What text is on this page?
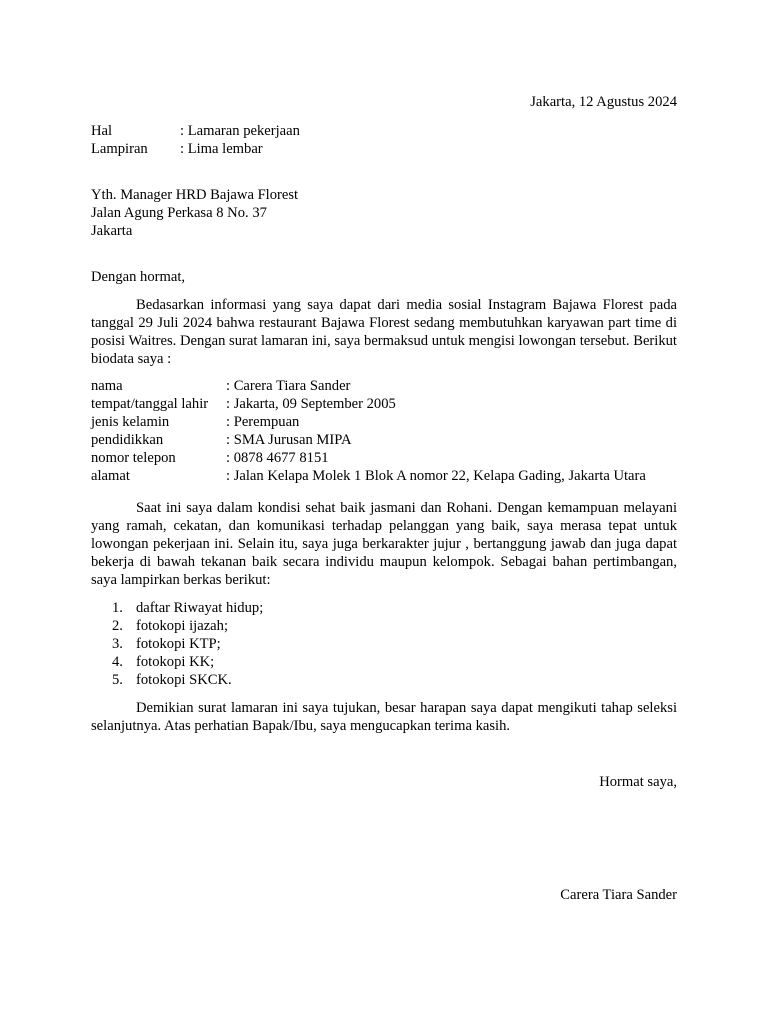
Jakarta, 12 Agustus 2024
Hal	: Lamaran pekerjaan
Lampiran : Lima lembar
Yth. Manager HRD Bajawa Florest
Jalan Agung Perkasa 8 No. 37
Jakarta
Dengan hormat,
Bedasarkan informasi yang saya dapat dari media sosial Instagram Bajawa Florest pada tanggal 29 Juli 2024 bahwa restaurant Bajawa Florest sedang membutuhkan karyawan part time di posisi Waitres. Dengan surat lamaran ini, saya bermaksud untuk mengisi lowongan tersebut. Berikut biodata saya :
nama	: Carera Tiara Sander
tempat/tanggal lahir : Jakarta, 09 September 2005
jenis kelamin	: Perempuan
pendidikkan	: SMA Jurusan MIPA
nomor telepon	: 0878 4677 8151
alamat	: Jalan Kelapa Molek 1 Blok A nomor 22, Kelapa Gading, Jakarta Utara
Saat ini saya dalam kondisi sehat baik jasmani dan Rohani. Dengan kemampuan melayani yang ramah, cekatan, dan komunikasi terhadap pelanggan yang baik, saya merasa tepat untuk lowongan pekerjaan ini. Selain itu, saya juga berkarakter jujur , bertanggung jawab dan juga dapat bekerja di bawah tekanan baik secara individu maupun kelompok. Sebagai bahan pertimbangan, saya lampirkan berkas berikut:
1. daftar Riwayat hidup;
2. fotokopi ijazah;
3. fotokopi KTP;
4. fotokopi KK;
5. fotokopi SKCK.
Demikian surat lamaran ini saya tujukan, besar harapan saya dapat mengikuti tahap seleksi selanjutnya. Atas perhatian Bapak/Ibu, saya mengucapkan terima kasih.
Hormat saya,
Carera Tiara Sander
